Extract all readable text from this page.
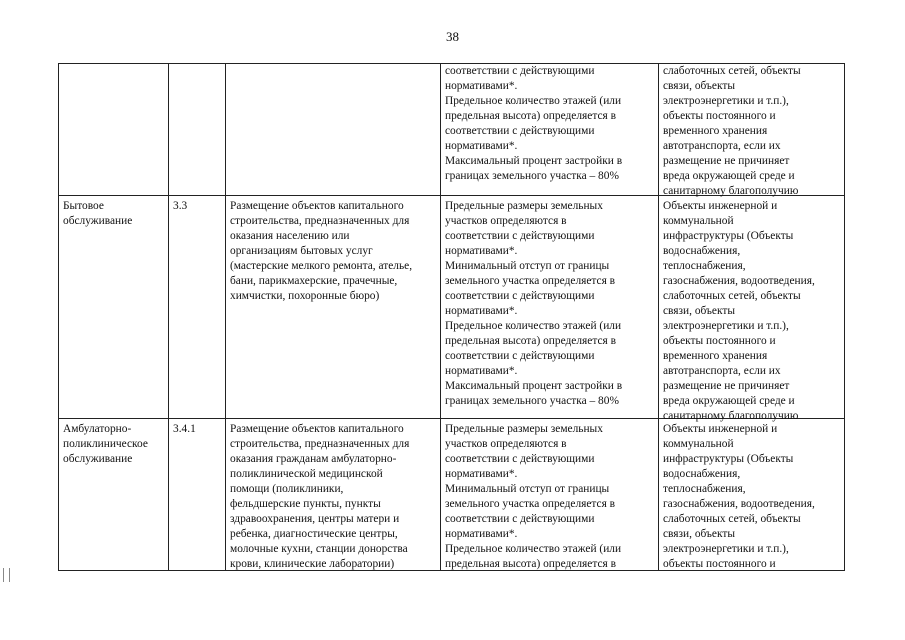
38
соответствии с действующими
нормативами*.
Предельное количество этажей (или
предельная высота) определяется в
соответствии с действующими
нормативами*.
Максимальный процент застройки в
границах земельного участка – 80%
слаботочных сетей, объекты
связи, объекты
электроэнергетики и т.п.),
объекты постоянного и
временного хранения
автотранспорта, если их
размещение не причиняет
вреда окружающей среде и
санитарному благополучию
Бытовое
обслуживание
3.3	Размещение объектов капитального
строительства, предназначенных для
оказания населению или
организациям бытовых услуг
(мастерские мелкого ремонта, ателье,
бани, парикмахерские, прачечные,
химчистки, похоронные бюро)
Предельные размеры земельных
участков определяются в
соответствии с действующими
нормативами*.
Минимальный отступ от границы
земельного участка определяется в
соответствии с действующими
нормативами*.
Предельное количество этажей (или
предельная высота) определяется в
соответствии с действующими
нормативами*.
Максимальный процент застройки в
границах земельного участка – 80%
Объекты инженерной и
коммунальной
инфраструктуры (Объекты
водоснабжения,
теплоснабжения,
газоснабжения, водоотведения,
слаботочных сетей, объекты
связи, объекты
электроэнергетики и т.п.),
объекты постоянного и
временного хранения
автотранспорта, если их
размещение не причиняет
вреда окружающей среде и
санитарному благополучию
Амбулаторно-
поликлиническое
обслуживание
3.4.1	Размещение объектов капитального
строительства, предназначенных для
оказания гражданам амбулаторно-
поликлинической медицинской
помощи (поликлиники,
фельдшерские пункты, пункты
здравоохранения, центры матери и
ребенка, диагностические центры,
молочные кухни, станции донорства
крови, клинические лаборатории)
Предельные размеры земельных
участков определяются в
соответствии с действующими
нормативами*.
Минимальный отступ от границы
земельного участка определяется в
соответствии с действующими
нормативами*.
Предельное количество этажей (или
предельная высота) определяется в
Объекты инженерной и
коммунальной
инфраструктуры (Объекты
водоснабжения,
теплоснабжения,
газоснабжения, водоотведения,
слаботочных сетей, объекты
связи, объекты
электроэнергетики и т.п.),
объекты постоянного и
